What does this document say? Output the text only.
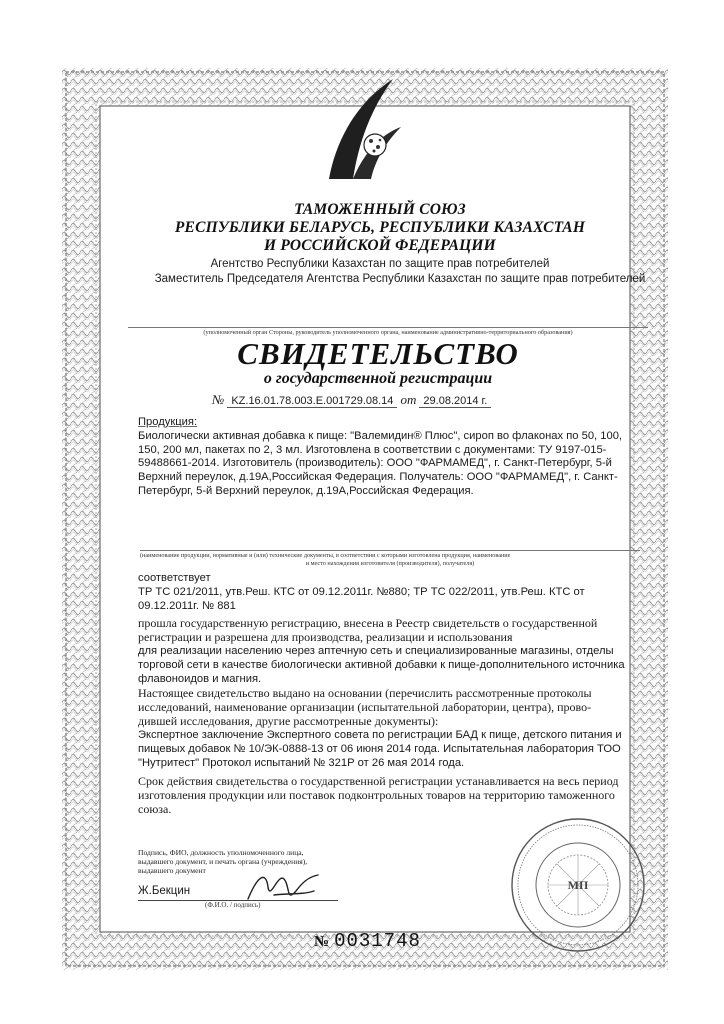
ТАМОЖЕННЫЙ СОЮЗ
РЕСПУБЛИКИ БЕЛАРУСЬ, РЕСПУБЛИКИ КАЗАХСТАН
И РОССИЙСКОЙ ФЕДЕРАЦИИ
Агентство Республики Казахстан по защите прав потребителей
Заместитель Председателя Агентства Республики Казахстан по защите прав потребителей
(уполномоченный орган Стороны, руководитель уполномоченного органа, наименование административно-территориального образования)
СВИДЕТЕЛЬСТВО
о государственной регистрации
№ KZ.16.01.78.003.E.001729.08.14 от 29.08.2014 г.
Продукция:
Биологически активная добавка к пище: "Валемидин® Плюс", сироп во флаконах по 50, 100,
150, 200 мл, пакетах по 2, 3 мл. Изготовлена в соответствии с документами: ТУ 9197-015-
59488661-2014. Изготовитель (производитель): ООО "ФАРМАМЕД", г. Санкт-Петербург, 5-й
Верхний переулок, д.19А,Российская Федерация. Получатель: ООО "ФАРМАМЕД", г. Санкт-
Петербург, 5-й Верхний переулок, д.19А,Российская Федерация.
(наименование продукции, нормативные и (или) технические документы, в соответствии с которыми изготовлена продукция, наименование
и место нахождения изготовителя (производителя), получателя)
соответствует
ТР ТС 021/2011, утв.Реш. КТС от 09.12.2011г. №880; ТР ТС 022/2011, утв.Реш. КТС от
09.12.2011г. № 881
прошла государственную регистрацию, внесена в Реестр свидетельств о государственной
регистрации и разрешена для производства, реализации и использования
для реализации населению через аптечную сеть и специализированные магазины, отделы
торговой сети в качестве биологически активной добавки к пище-дополнительного источника
флавоноидов и магния.
Настоящее свидетельство выдано на основании (перечислить рассмотренные протоколы
исследований, наименование организации (испытательной лаборатории, центра), прово-
дившей исследования, другие рассмотренные документы):
Экспертное заключение Экспертного совета по регистрации БАД к пище, детского питания и
пищевых добавок № 10/ЭК-0888-13 от 06 июня 2014 года. Испытательная лаборатория ТОО
"Нутритест" Протокол испытаний № 321Р от 26 мая 2014 года.
Срок действия свидетельства о государственной регистрации устанавливается на весь период
изготовления продукции или поставок подконтрольных товаров на территорию таможенного
союза.
Подпись, ФИО, должность уполномоченного лица,
выдавшего документ, и печать органа (учреждения),
выдавшего документ
Ж.Бекцин
(Ф.И.О. / подпись)
МП
№ 0031748
